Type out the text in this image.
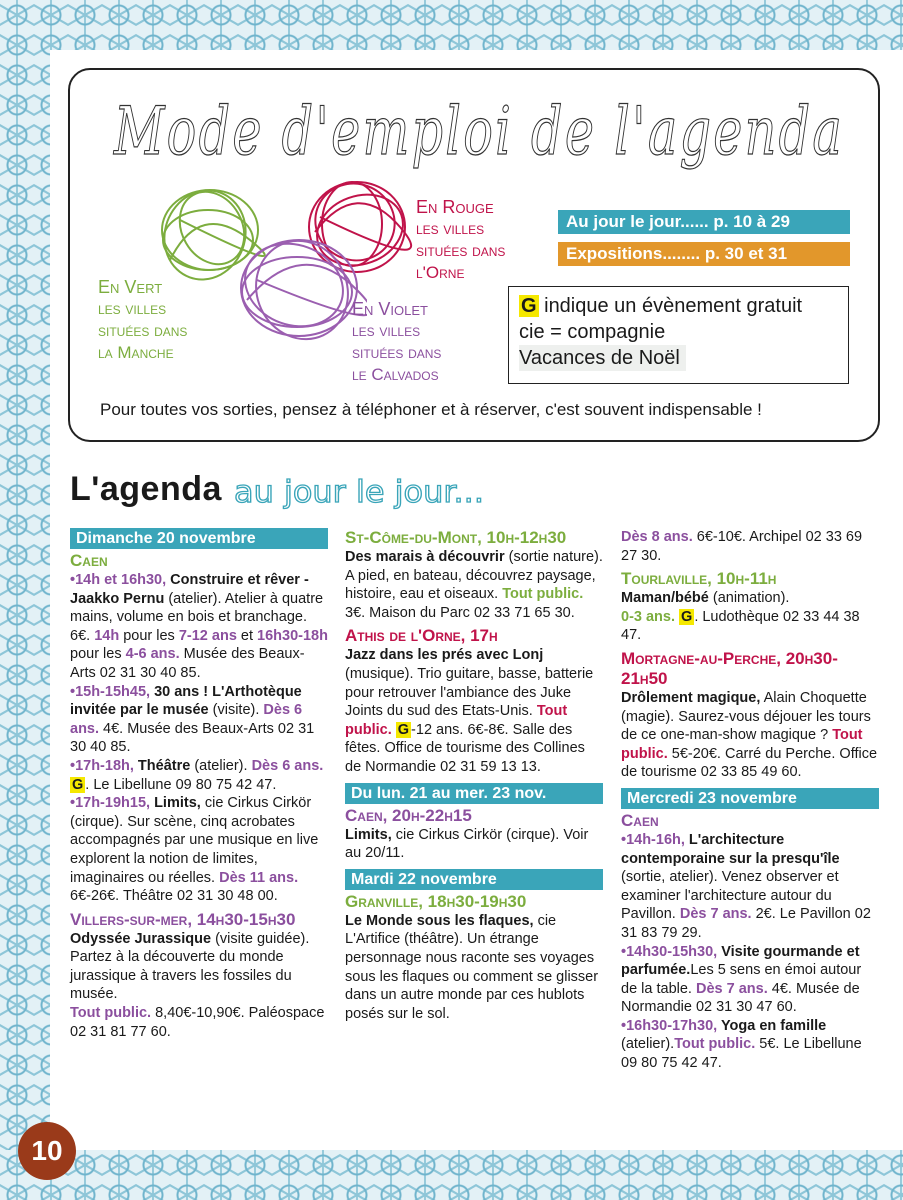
Mode d'emploi de l'agenda
En Vert
les villes
situées dans
la Manche
En Rouge
les villes
situées dans
l'Orne
En Violet
les villes
situées dans
le Calvados
Au jour le jour...... p. 10 à 29
Expositions........ p. 30 et 31
G indique un évènement gratuit
cie = compagnie
Vacances de Noël
Pour toutes vos sorties, pensez à téléphoner et à réserver, c'est souvent indispensable !
L'agenda au jour le jour...
Dimanche 20 novembre

Caen

•14h et 16h30, Construire et rêver - Jaakko Pernu (atelier). Atelier à quatre mains, volume en bois et branchage. 6€. 14h pour les 7-12 ans et 16h30-18h pour les 4-6 ans. Musée des Beaux-Arts 02 31 30 40 85.

•15h-15h45, 30 ans ! L'Arthotèque invitée par le musée (visite). Dès 6 ans. 4€. Musée des Beaux-Arts 02 31 30 40 85.

•17h-18h, Théâtre (atelier). Dès 6 ans. G . Le Libellune 09 80 75 42 47.

•17h-19h15, Limits, cie Cirkus Cirkör (cirque). Sur scène, cinq acrobates accompagnés par une musique en live explorent la notion de limites, imaginaires ou réelles. Dès 11 ans. 6€-26€. Théâtre 02 31 30 48 00.

Villers-sur-mer, 14h30-15h30

Odyssée Jurassique (visite guidée). Partez à la découverte du monde jurassique à travers les fossiles du musée.
Tout public. 8,40€-10,90€. Paléospace 02 31 81 77 60.

St-Côme-du-Mont, 10h-12h30

Des marais à découvrir (sortie nature). A pied, en bateau, découvrez paysage, histoire, eau et oiseaux. Tout public. 3€. Maison du Parc 02 33 71 65 30.

Athis de l'Orne, 17h

Jazz dans les prés avec Lonj (musique). Trio guitare, basse, batterie pour retrouver l'ambiance des Juke Joints du sud des Etats-Unis. Tout public. G -12 ans. 6€-8€. Salle des fêtes. Office de tourisme des Collines de Normandie 02 31 59 13 13.

Du lun. 21 au mer. 23 nov.

Caen, 20h-22h15

Limits, cie Cirkus Cirkör (cirque). Voir au 20/11.

Mardi 22 novembre

Granville, 18h30-19h30

Le Monde sous les flaques, cie L'Artifice (théâtre). Un étrange personnage nous raconte ses voyages sous les flaques ou comment se glisser dans un autre monde par ces hublots posés sur le sol.

Dès 8 ans. 6€-10€. Archipel 02 33 69 27 30.

Tourlaville, 10h-11h

Maman/bébé (animation).
0-3 ans. G . Ludothèque 02 33 44 38 47.

Mortagne-au-Perche, 20h30-21h50

Drôlement magique, Alain Choquette (magie). Saurez-vous déjouer les tours de ce one-man-show magique ? Tout public. 5€-20€. Carré du Perche. Office de tourisme 02 33 85 49 60.

Mercredi 23 novembre

Caen

•14h-16h, L'architecture contemporaine sur la presqu'île (sortie, atelier). Venez observer et examiner l'architecture autour du Pavillon. Dès 7 ans. 2€. Le Pavillon 02 31 83 79 29.

•14h30-15h30, Visite gourmande et parfumée.Les 5 sens en émoi autour de la table. Dès 7 ans. 4€. Musée de Normandie 02 31 30 47 60.

•16h30-17h30, Yoga en famille (atelier).Tout public. 5€. Le Libellune 09 80 75 42 47.

10
